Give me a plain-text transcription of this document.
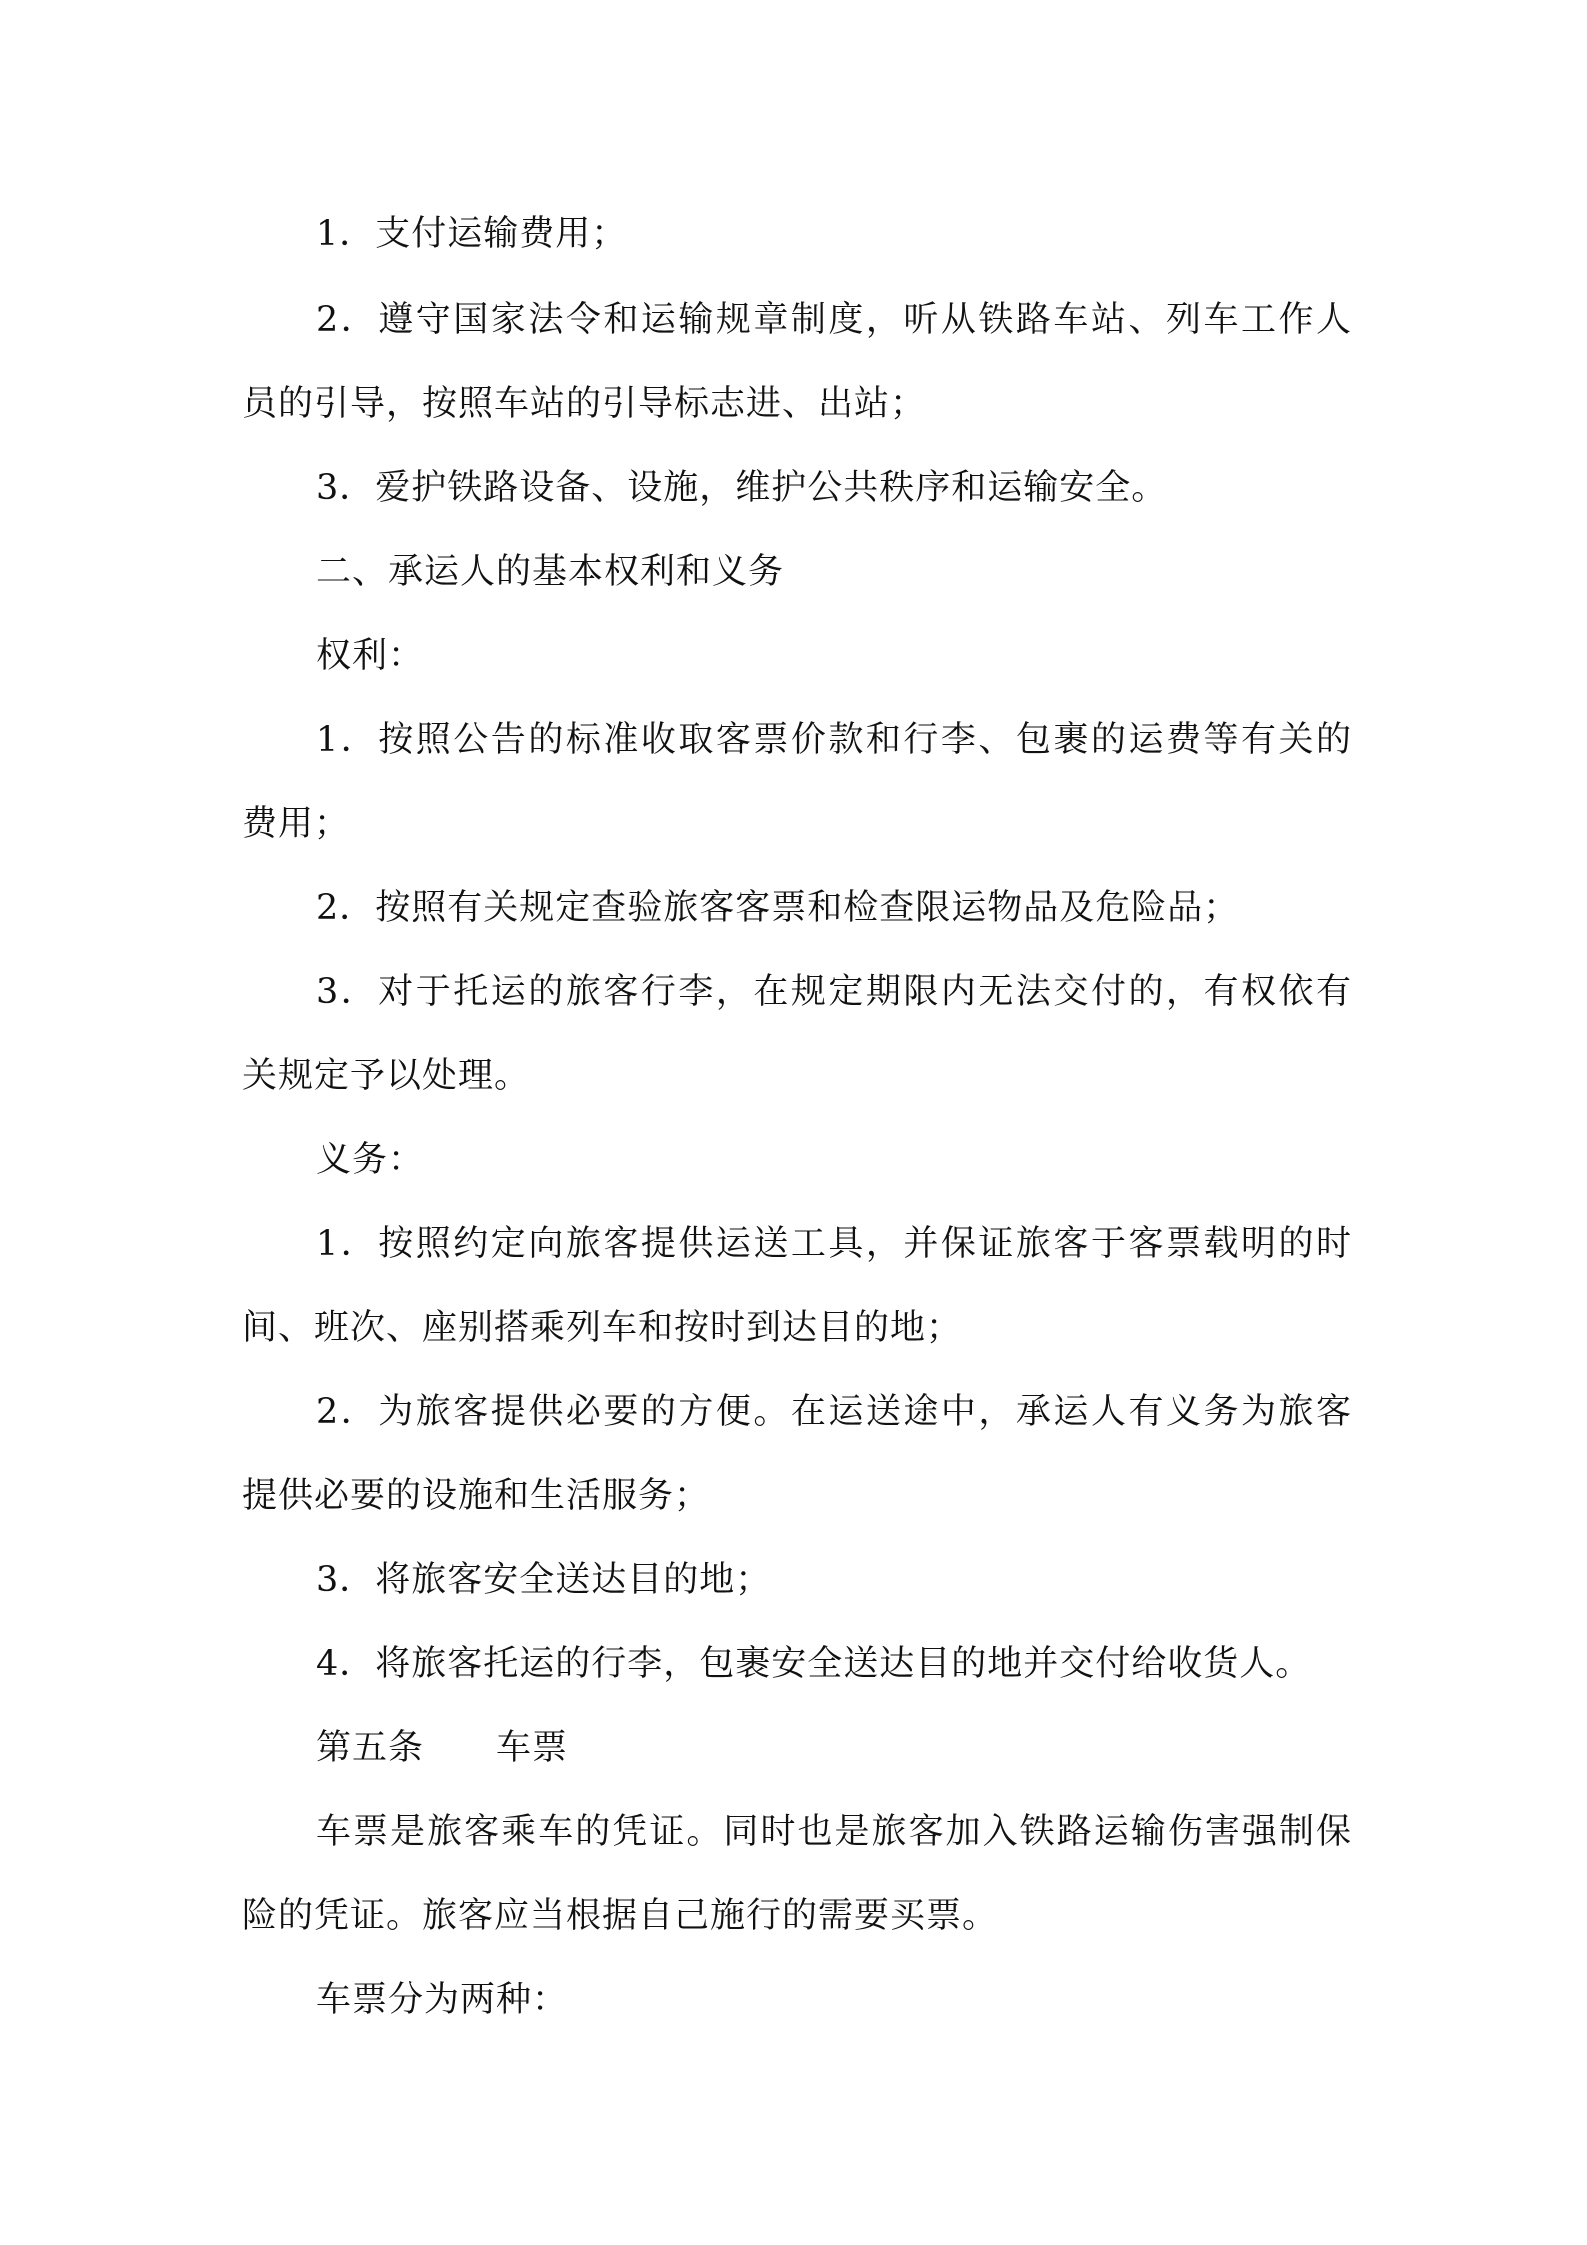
1．支付运输费用；
2．遵守国家法令和运输规章制度，听从铁路车站、列车工作人
员的引导，按照车站的引导标志进、出站；
3．爱护铁路设备、设施，维护公共秩序和运输安全。
二、承运人的基本权利和义务
权利：
1．按照公告的标准收取客票价款和行李、包裹的运费等有关的
费用；
2．按照有关规定查验旅客客票和检查限运物品及危险品；
3．对于托运的旅客行李，在规定期限内无法交付的，有权依有
关规定予以处理。
义务：
1．按照约定向旅客提供运送工具，并保证旅客于客票载明的时
间、班次、座别搭乘列车和按时到达目的地；
2．为旅客提供必要的方便。在运送途中，承运人有义务为旅客
提供必要的设施和生活服务；
3．将旅客安全送达目的地；
4．将旅客托运的行李，包裹安全送达目的地并交付给收货人。
第五条　　车票
车票是旅客乘车的凭证。同时也是旅客加入铁路运输伤害强制保
险的凭证。旅客应当根据自己施行的需要买票。
车票分为两种：
